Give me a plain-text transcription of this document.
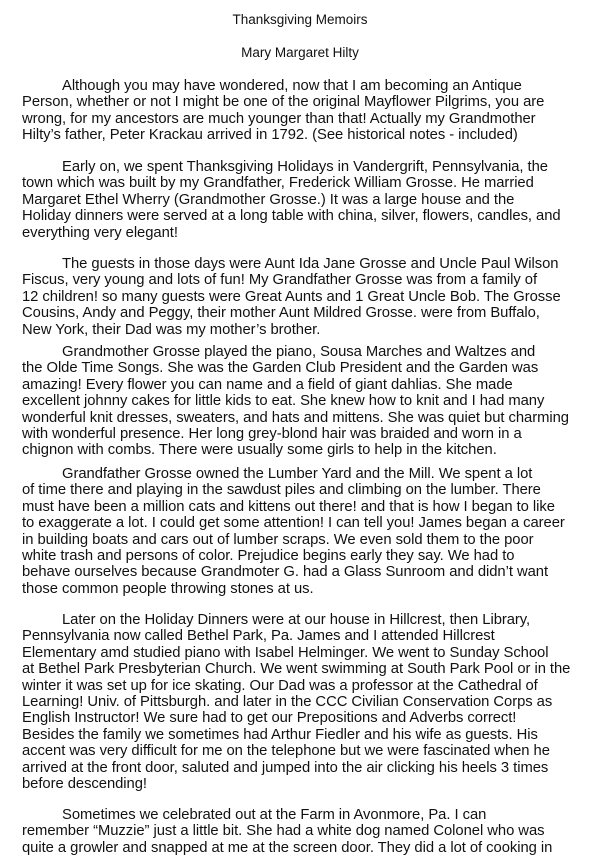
Thanksgiving Memoirs
Mary Margaret Hilty
Although you may have wondered, now that I am becoming an Antique
Person, whether or not I might be one of the original Mayflower Pilgrims, you are
wrong, for my ancestors are much younger than that! Actually my Grandmother
Hilty’s father, Peter Krackau arrived in 1792. (See historical notes - included)
Early on, we spent Thanksgiving Holidays in Vandergrift, Pennsylvania, the
town which was built by my Grandfather, Frederick William Grosse. He married
Margaret Ethel Wherry (Grandmother Grosse.) It was a large house and the
Holiday dinners were served at a long table with china, silver, flowers, candles, and
everything very elegant!
The guests in those days were Aunt Ida Jane Grosse and Uncle Paul Wilson
Fiscus, very young and lots of fun! My Grandfather Grosse was from a family of
12 children! so many guests were Great Aunts and 1 Great Uncle Bob. The Grosse
Cousins, Andy and Peggy, their mother Aunt Mildred Grosse. were from Buffalo,
New York, their Dad was my mother’s brother.
Grandmother Grosse played the piano, Sousa Marches and Waltzes and
the Olde Time Songs. She was the Garden Club President and the Garden was
amazing! Every flower you can name and a field of giant dahlias. She made
excellent johnny cakes for little kids to eat. She knew how to knit and I had many
wonderful knit dresses, sweaters, and hats and mittens. She was quiet but charming
with wonderful presence. Her long grey-blond hair was braided and worn in a
chignon with combs. There were usually some girls to help in the kitchen.
Grandfather Grosse owned the Lumber Yard and the Mill. We spent a lot
of time there and playing in the sawdust piles and climbing on the lumber. There
must have been a million cats and kittens out there! and that is how I began to like
to exaggerate a lot. I could get some attention! I can tell you! James began a career
in building boats and cars out of lumber scraps. We even sold them to the poor
white trash and persons of color. Prejudice begins early they say. We had to
behave ourselves because Grandmoter G. had a Glass Sunroom and didn’t want
those common people throwing stones at us.
Later on the Holiday Dinners were at our house in Hillcrest, then Library,
Pennsylvania now called Bethel Park, Pa. James and I attended Hillcrest
Elementary amd studied piano with Isabel Helminger. We went to Sunday School
at Bethel Park Presbyterian Church. We went swimming at South Park Pool or in the
winter it was set up for ice skating. Our Dad was a professor at the Cathedral of
Learning! Univ. of Pittsburgh. and later in the CCC Civilian Conservation Corps as
English Instructor! We sure had to get our Prepositions and Adverbs correct!
Besides the family we sometimes had Arthur Fiedler and his wife as guests. His
accent was very difficult for me on the telephone but we were fascinated when he
arrived at the front door, saluted and jumped into the air clicking his heels 3 times
before descending!
Sometimes we celebrated out at the Farm in Avonmore, Pa. I can
remember “Muzzie” just a little bit. She had a white dog named Colonel who was
quite a growler and snapped at me at the screen door. They did a lot of cooking in
